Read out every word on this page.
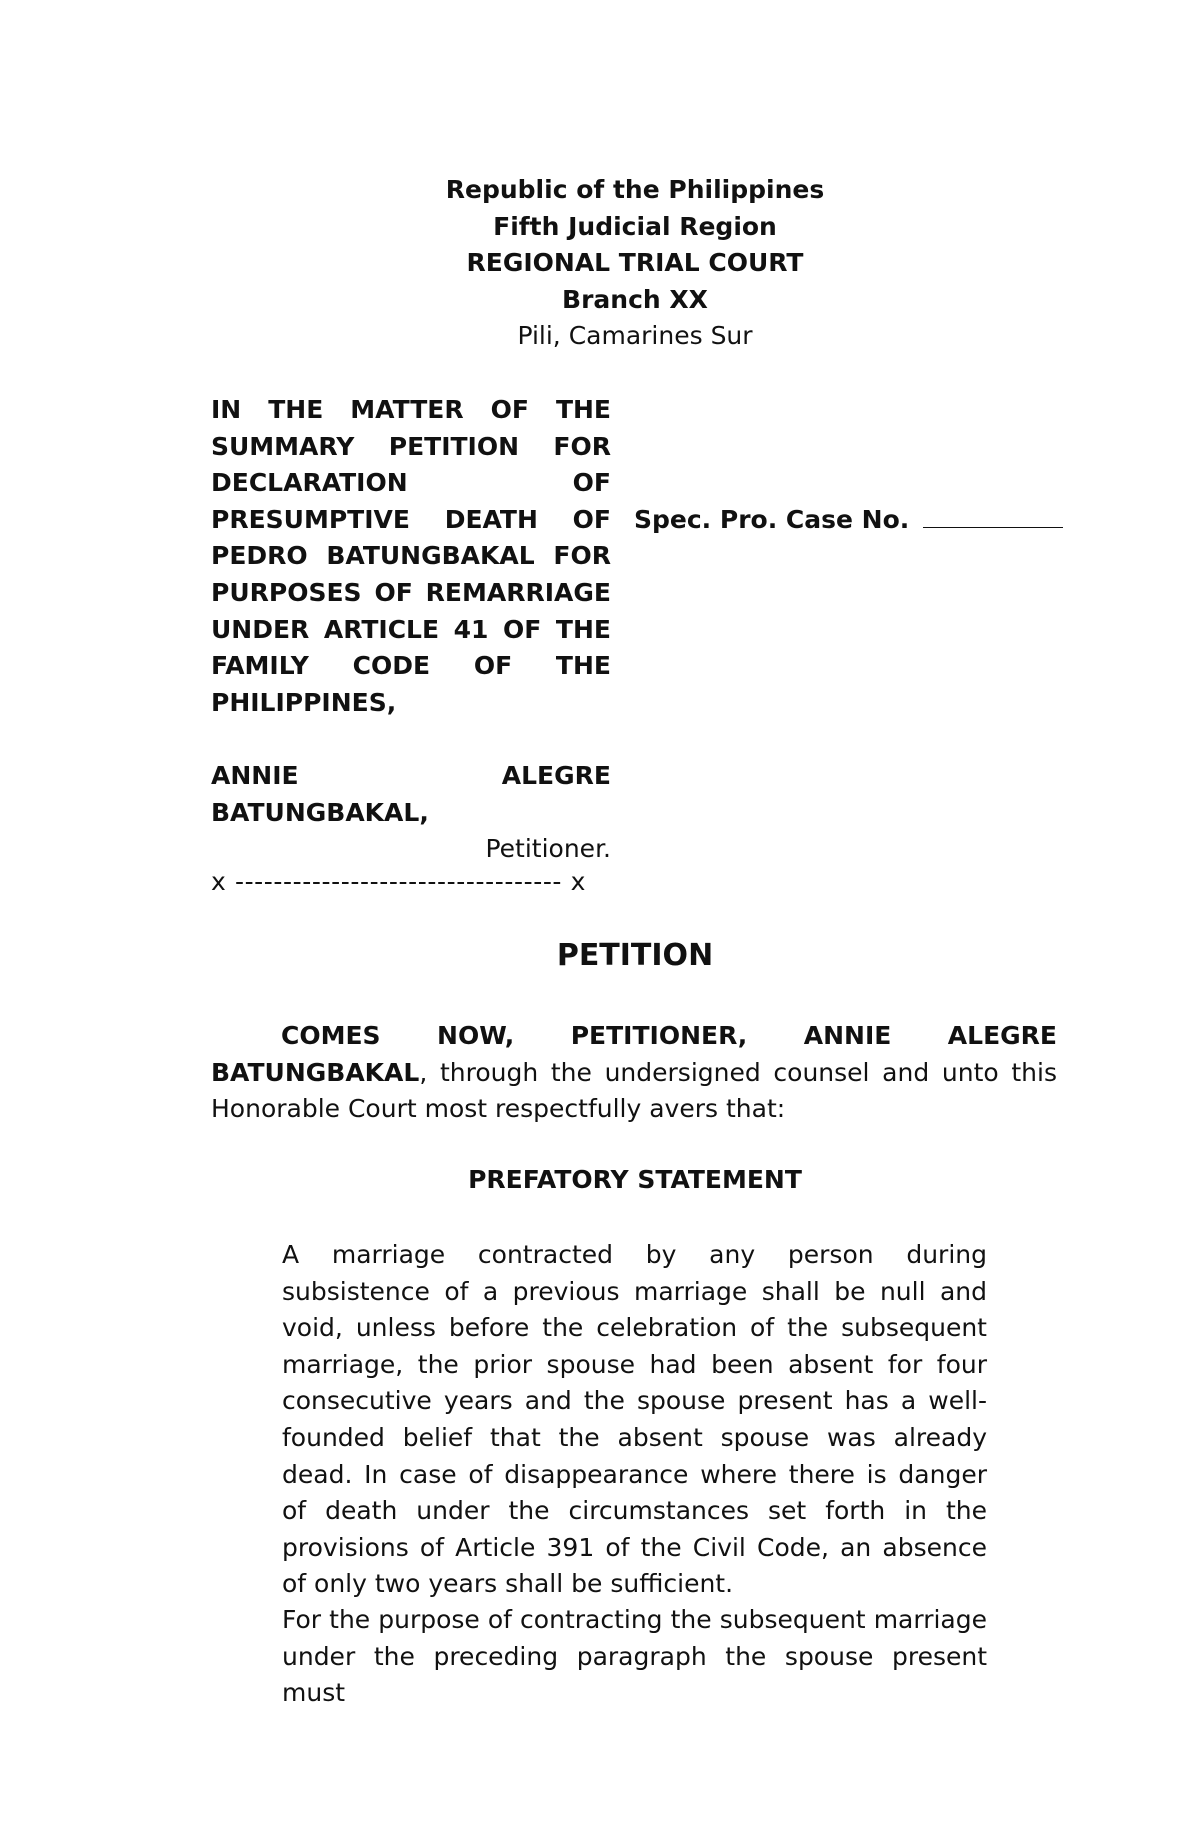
Republic of the Philippines
Fifth Judicial Region
REGIONAL TRIAL COURT
Branch XX
Pili, Camarines Sur
IN THE MATTER OF THE
SUMMARY PETITION FOR
DECLARATION	OF
PRESUMPTIVE DEATH OF
PEDRO BATUNGBAKAL FOR
PURPOSES OF REMARRIAGE
UNDER ARTICLE 41 OF THE
FAMILY CODE OF THE
PHILIPPINES,
ANNIE	ALEGRE
BATUNGBAKAL,
Petitioner.
Spec. Pro. Case No.
x ---------------------------------- x
PETITION
COMES NOW, PETITIONER, ANNIE ALEGRE BATUNGBAKAL, through the undersigned counsel and unto this Honorable Court most respectfully avers that:
PREFATORY STATEMENT

A marriage contracted by any person during subsistence of a previous marriage shall be null and void, unless before the celebration of the subsequent marriage, the prior spouse had been absent for four consecutive years and the spouse present has a well-founded belief that the absent spouse was already dead. In case of disappearance where there is danger of death under the circumstances set forth in the provisions of Article 391 of the Civil Code, an absence of only two years shall be sufficient.

For the purpose of contracting the subsequent marriage under the preceding paragraph the spouse present must
